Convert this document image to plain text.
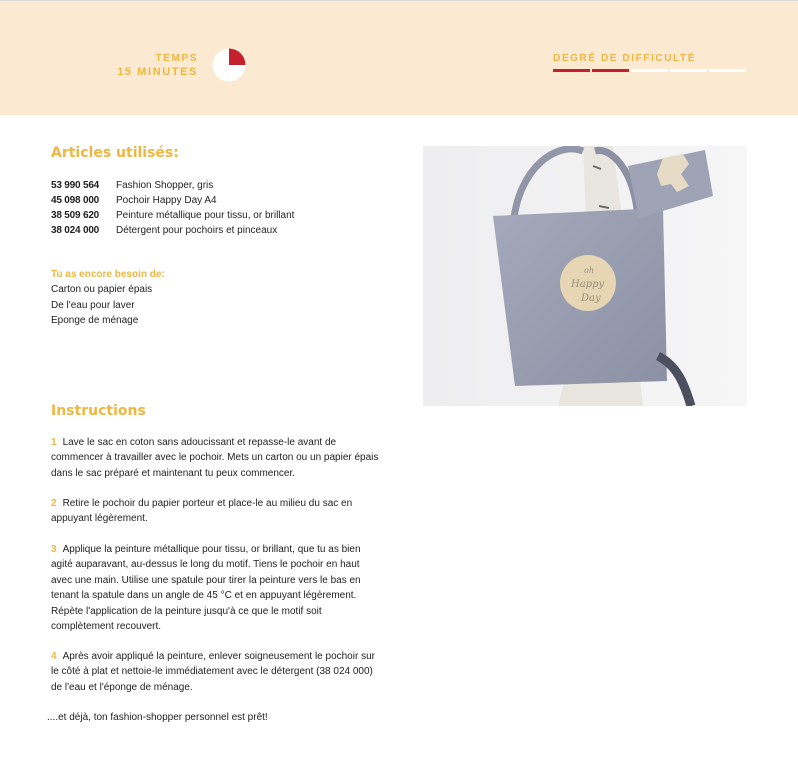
TEMPS
15 MINUTES
DEGRÉ DE DIFFICULTÉ
Articles utilisés:
53 990 564	Fashion Shopper, gris
45 098 000	Pochoir Happy Day A4
38 509 620	Peinture métallique pour tissu, or brillant
38 024 000	Détergent pour pochoirs et pinceaux
Tu as encore besoin de:
Carton ou papier épais
De l'eau pour laver
Eponge de ménage
Instructions

1 Lave le sac en coton sans adoucissant et repasse-le avant de commencer à travailler avec le pochoir. Mets un carton ou un papier épais dans le sac préparé et maintenant tu peux commencer.

2 Retire le pochoir du papier porteur et place-le au milieu du sac en appuyant légèrement.

3 Applique la peinture métallique pour tissu, or brillant, que tu as bien agité auparavant, au-dessus le long du motif. Tiens le pochoir en haut avec une main. Utilise une spatule pour tirer la peinture vers le bas en tenant la spatule dans un angle de 45 °C et en appuyant légèrement. Répète l'application de la peinture jusqu'à ce que le motif soit complètement recouvert.

4 Après avoir appliqué la peinture, enlever soigneusement le pochoir sur le côté à plat et nettoie-le immédiatement avec le détergent (38 024 000) de l'eau et l'éponge de ménage.

....et déjà, ton fashion-shopper personnel est prêt!
oh
Happy
Day
